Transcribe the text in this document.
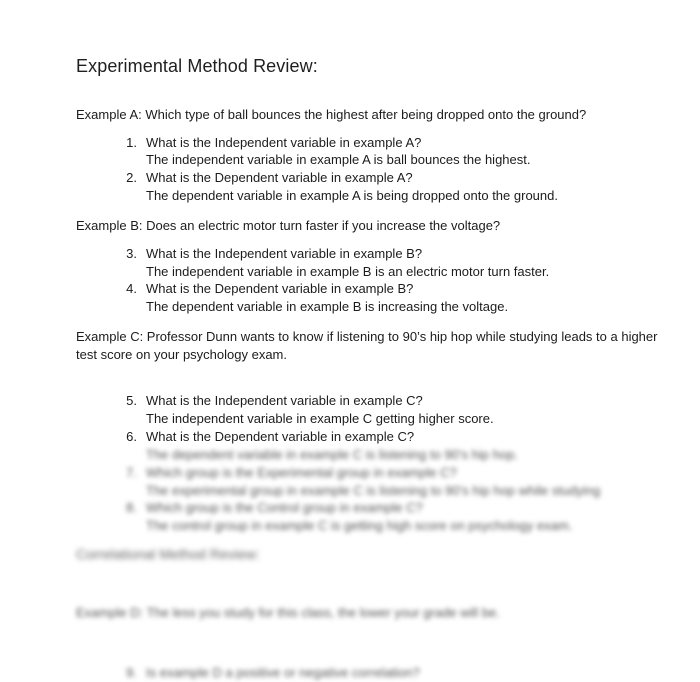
Experimental Method Review:
Example A: Which type of ball bounces the highest after being dropped onto the ground?
1. What is the Independent variable in example A?
The independent variable in example A is ball bounces the highest.
2. What is the Dependent variable in example A?
The dependent variable in example A is being dropped onto the ground.
Example B: Does an electric motor turn faster if you increase the voltage?
3. What is the Independent variable in example B?
The independent variable in example B is an electric motor turn faster.
4. What is the Dependent variable in example B?
The dependent variable in example B is increasing the voltage.
Example C: Professor Dunn wants to know if listening to 90’s hip hop while studying leads to a higher
test score on your psychology exam.
5. What is the Independent variable in example C?
The independent variable in example C getting higher score.
6. What is the Dependent variable in example C?
The dependent variable in example C is listening to 90’s hip hop.
7. Which group is the Experimental group in example C?
The experimental group in example C is listening to 90’s hip hop while studying
8. Which group is the Control group in example C?
The control group in example C is getting high score on psychology exam.
Correlational Method Review:
Example D: The less you study for this class, the lower your grade will be.
9. Is example D a positive or negative correlation?
